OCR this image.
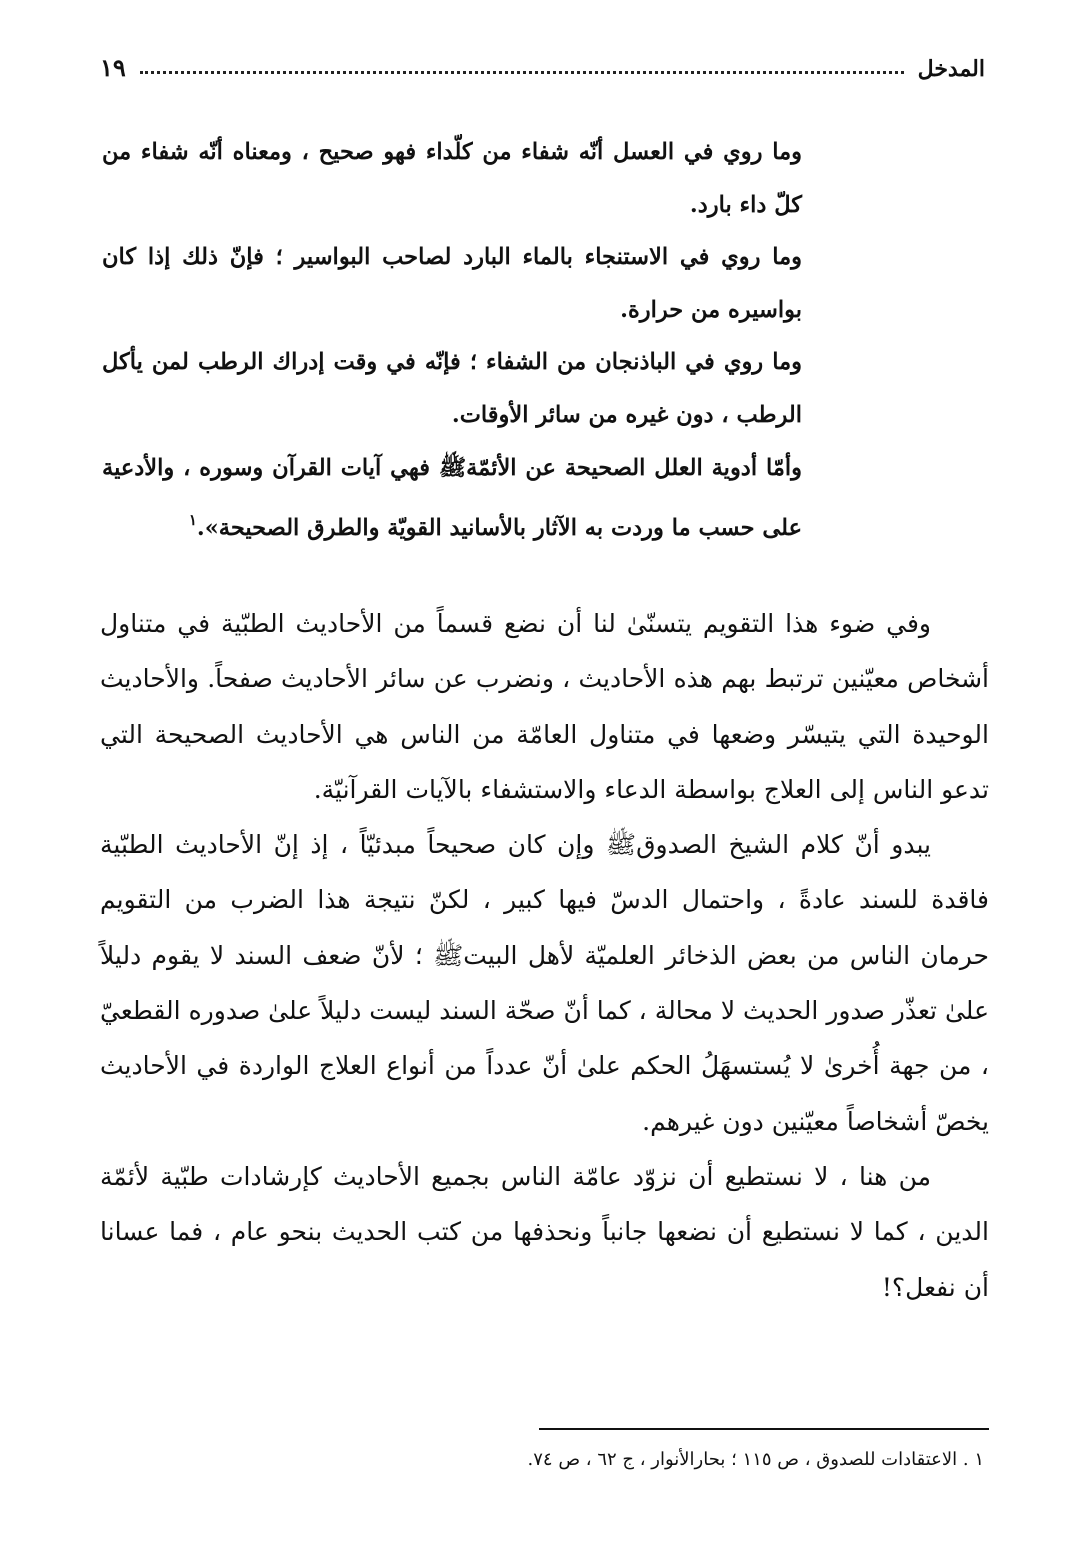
المدخل
١٩

وما روي في العسل أنّه شفاء من كلّداء فهو صحيح ، ومعناه أنّه شفاء من كلّ داء بارد.

وما روي في الاستنجاء بالماء البارد لصاحب البواسير ؛ فإنّ ذلك إذا كان بواسيره من حرارة.

وما روي في الباذنجان من الشفاء ؛ فإنّه في وقت إدراك الرطب لمن يأكل الرطب ، دون غيره من سائر الأوقات.

وأمّا أدوية العلل الصحيحة عن الأئمّةﷺ فهي آيات القرآن وسوره ، والأدعية على حسب ما وردت به الآثار بالأسانيد القويّة والطرق الصحيحة».$^١$

وفي ضوء هذا التقويم يتسنّىٰ لنا أن نضع قسماً من الأحاديث الطبّية في متناول أشخاص معيّنين ترتبط بهم هذه الأحاديث ، ونضرب عن سائر الأحاديث صفحاً. والأحاديث الوحيدة التي يتيسّر وضعها في متناول العامّة من الناس هي الأحاديث الصحيحة التي تدعو الناس إلى العلاج بواسطة الدعاء والاستشفاء بالآيات القرآنيّة.

يبدو أنّ كلام الشيخ الصدوقﷺ وإن كان صحيحاً مبدئيّاً ، إذ إنّ الأحاديث الطبّية فاقدة للسند عادةً ، واحتمال الدسّ فيها كبير ، لكنّ نتيجة هذا الضرب من التقويم حرمان الناس من بعض الذخائر العلميّة لأهل البيتﷺ ؛ لأنّ ضعف السند لا يقوم دليلاً علىٰ تعذّر صدور الحديث لا محالة ، كما أنّ صحّة السند ليست دليلاً علىٰ صدوره القطعيّ ، من جهة أُخرىٰ لا يُستسهَلُ الحكم علىٰ أنّ عدداً من أنواع العلاج الواردة في الأحاديث يخصّ أشخاصاً معيّنين دون غيرهم.

من هنا ، لا نستطيع أن نزوّد عامّة الناس بجميع الأحاديث كإرشادات طبّية لأئمّة الدين ، كما لا نستطيع أن نضعها جانباً ونحذفها من كتب الحديث بنحو عام ، فما عسانا أن نفعل؟!

١ . الاعتقادات للصدوق ، ص ١١٥ ؛ بحارالأنوار ، ج ٦٢ ، ص ٧٤.
